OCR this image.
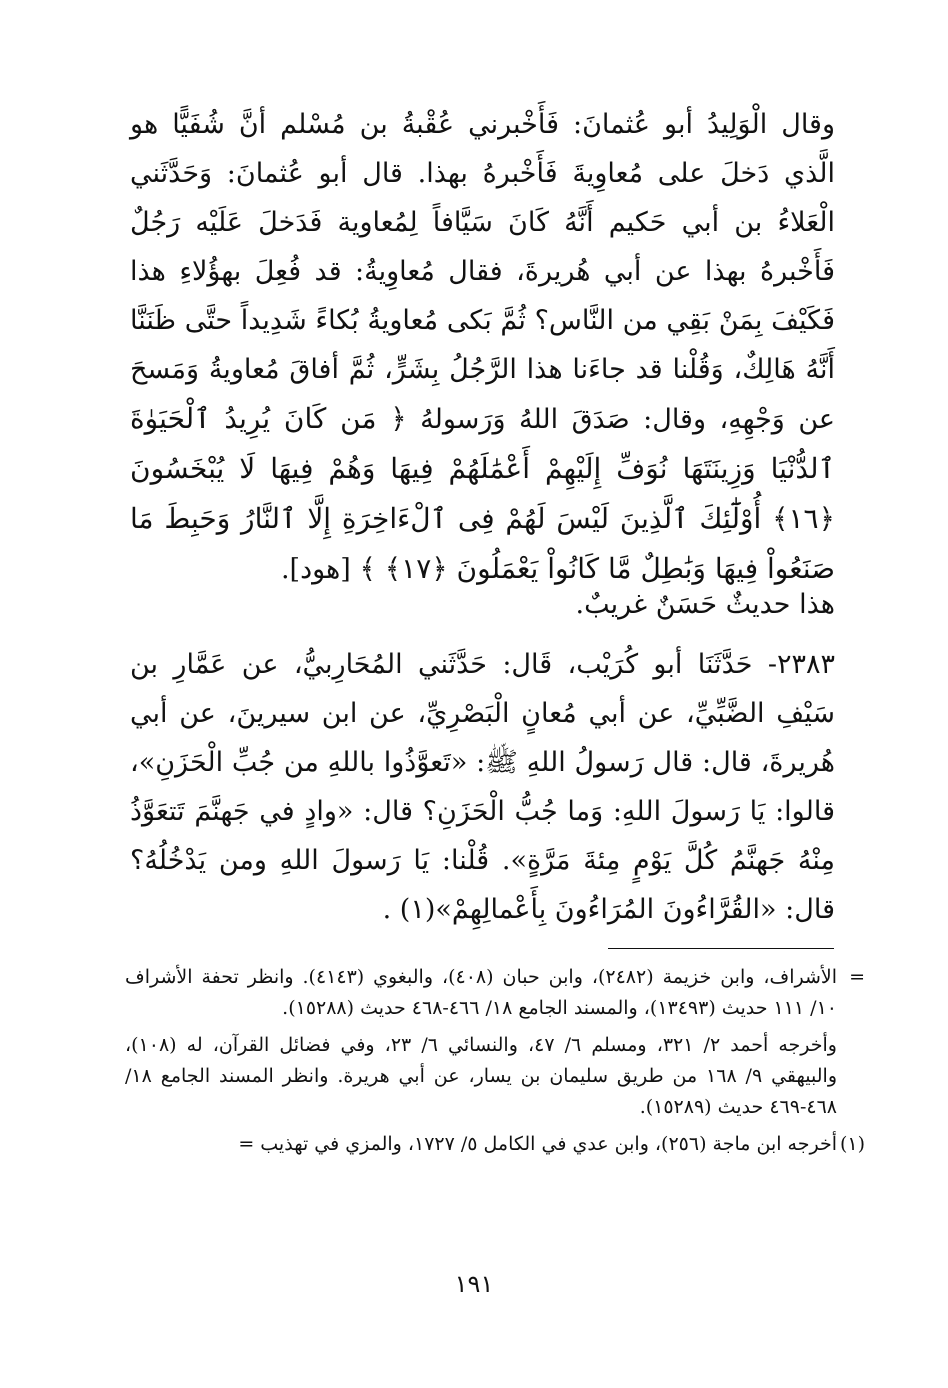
وقال الْوَلِيدُ أبو عُثمانَ: فَأَخْبرني عُقْبةُ بن مُسْلم أنَّ شُفَيًّا هو الَّذي دَخلَ على مُعاوِيةَ فَأَخْبرهُ بهذا. قال أبو عُثمانَ: وَحَدَّثَني الْعَلاءُ بن أبي حَكيم أَنَّهُ كَانَ سَيَّافاً لِمُعاوية فَدَخلَ عَلَيْه رَجُلٌ فَأَخْبرهُ بهذا عن أبي هُريرةَ، فقال مُعاوِيةُ: قد فُعِلَ بهؤُلاءِ هذا فَكَيْفَ بِمَنْ بَقِي من النَّاس؟ ثُمَّ بَكى مُعاويةُ بُكاءً شَدِيداً حتَّى ظَنَنَّا أَنَّهُ هَالِكٌ، وَقُلْنا قد جاءَنا هذا الرَّجُلُ بِشَرٍّ، ثُمَّ أفاقَ مُعاويةُ وَمَسحَ عن وَجْهِهِ، وقال: صَدَقَ اللهُ وَرَسولهُ ﴿ مَن كَانَ يُرِيدُ ٱلْحَيَوٰةَ ٱلدُّنْيَا وَزِينَتَهَا نُوَفِّ إِلَيْهِمْ أَعْمَٰلَهُمْ فِيهَا وَهُمْ فِيهَا لَا يُبْخَسُونَ ﴿١٦﴾ أُوْلَٰٓئِكَ ٱلَّذِينَ لَيْسَ لَهُمْ فِى ٱلْءَاخِرَةِ إِلَّا ٱلنَّارُ وَحَبِطَ مَا صَنَعُواْ فِيهَا وَبَٰطِلٌ مَّا كَانُواْ يَعْمَلُونَ ﴿١٧﴾ ﴾ [هود].
هذا حديثٌ حَسَنٌ غريبٌ.
٢٣٨٣- حَدَّثَنَا أبو كُرَيْب، قَال: حَدَّثَني المُحَارِبيُّ، عن عَمَّارِ بن سَيْفِ الضَّبِّيِّ، عن أبي مُعانٍ الْبَصْرِيِّ، عن ابن سيرينَ، عن أبي هُريرةَ، قال: قال رَسولُ اللهِ ﷺ: «تَعوَّذُوا باللهِ من جُبِّ الْحَزَنِ»، قالوا: يَا رَسولَ اللهِ: وَما جُبُّ الْحَزَنِ؟ قال: «وادٍ في جَهنَّمَ تَتعَوَّذُ مِنْهُ جَهنَّمُ كُلَّ يَوْمٍ مِئةَ مَرَّةٍ». قُلْنا: يَا رَسولَ اللهِ ومن يَدْخُلُهُ؟ قال: «القُرَّاءُونَ المُرَاءُونَ بِأَعْمالِهِمْ»(١) .
=
الأشراف، وابن خزيمة (٢٤٨٢)، وابن حبان (٤٠٨)، والبغوي (٤١٤٣). وانظر تحفة الأشراف ١٠/ ١١١ حديث (١٣٤٩٣)، والمسند الجامع ١٨/ ٤٦٦-٤٦٨ حديث (١٥٢٨٨).
وأخرجه أحمد ٢/ ٣٢١، ومسلم ٦/ ٤٧، والنسائي ٦/ ٢٣، وفي فضائل القرآن، له (١٠٨)، والبيهقي ٩/ ١٦٨ من طريق سليمان بن يسار، عن أبي هريرة. وانظر المسند الجامع ١٨/ ٤٦٨-٤٦٩ حديث (١٥٢٨٩).
(١)
أخرجه ابن ماجة (٢٥٦)، وابن عدي في الكامل ٥/ ١٧٢٧، والمزي في تهذيب =
١٩١
